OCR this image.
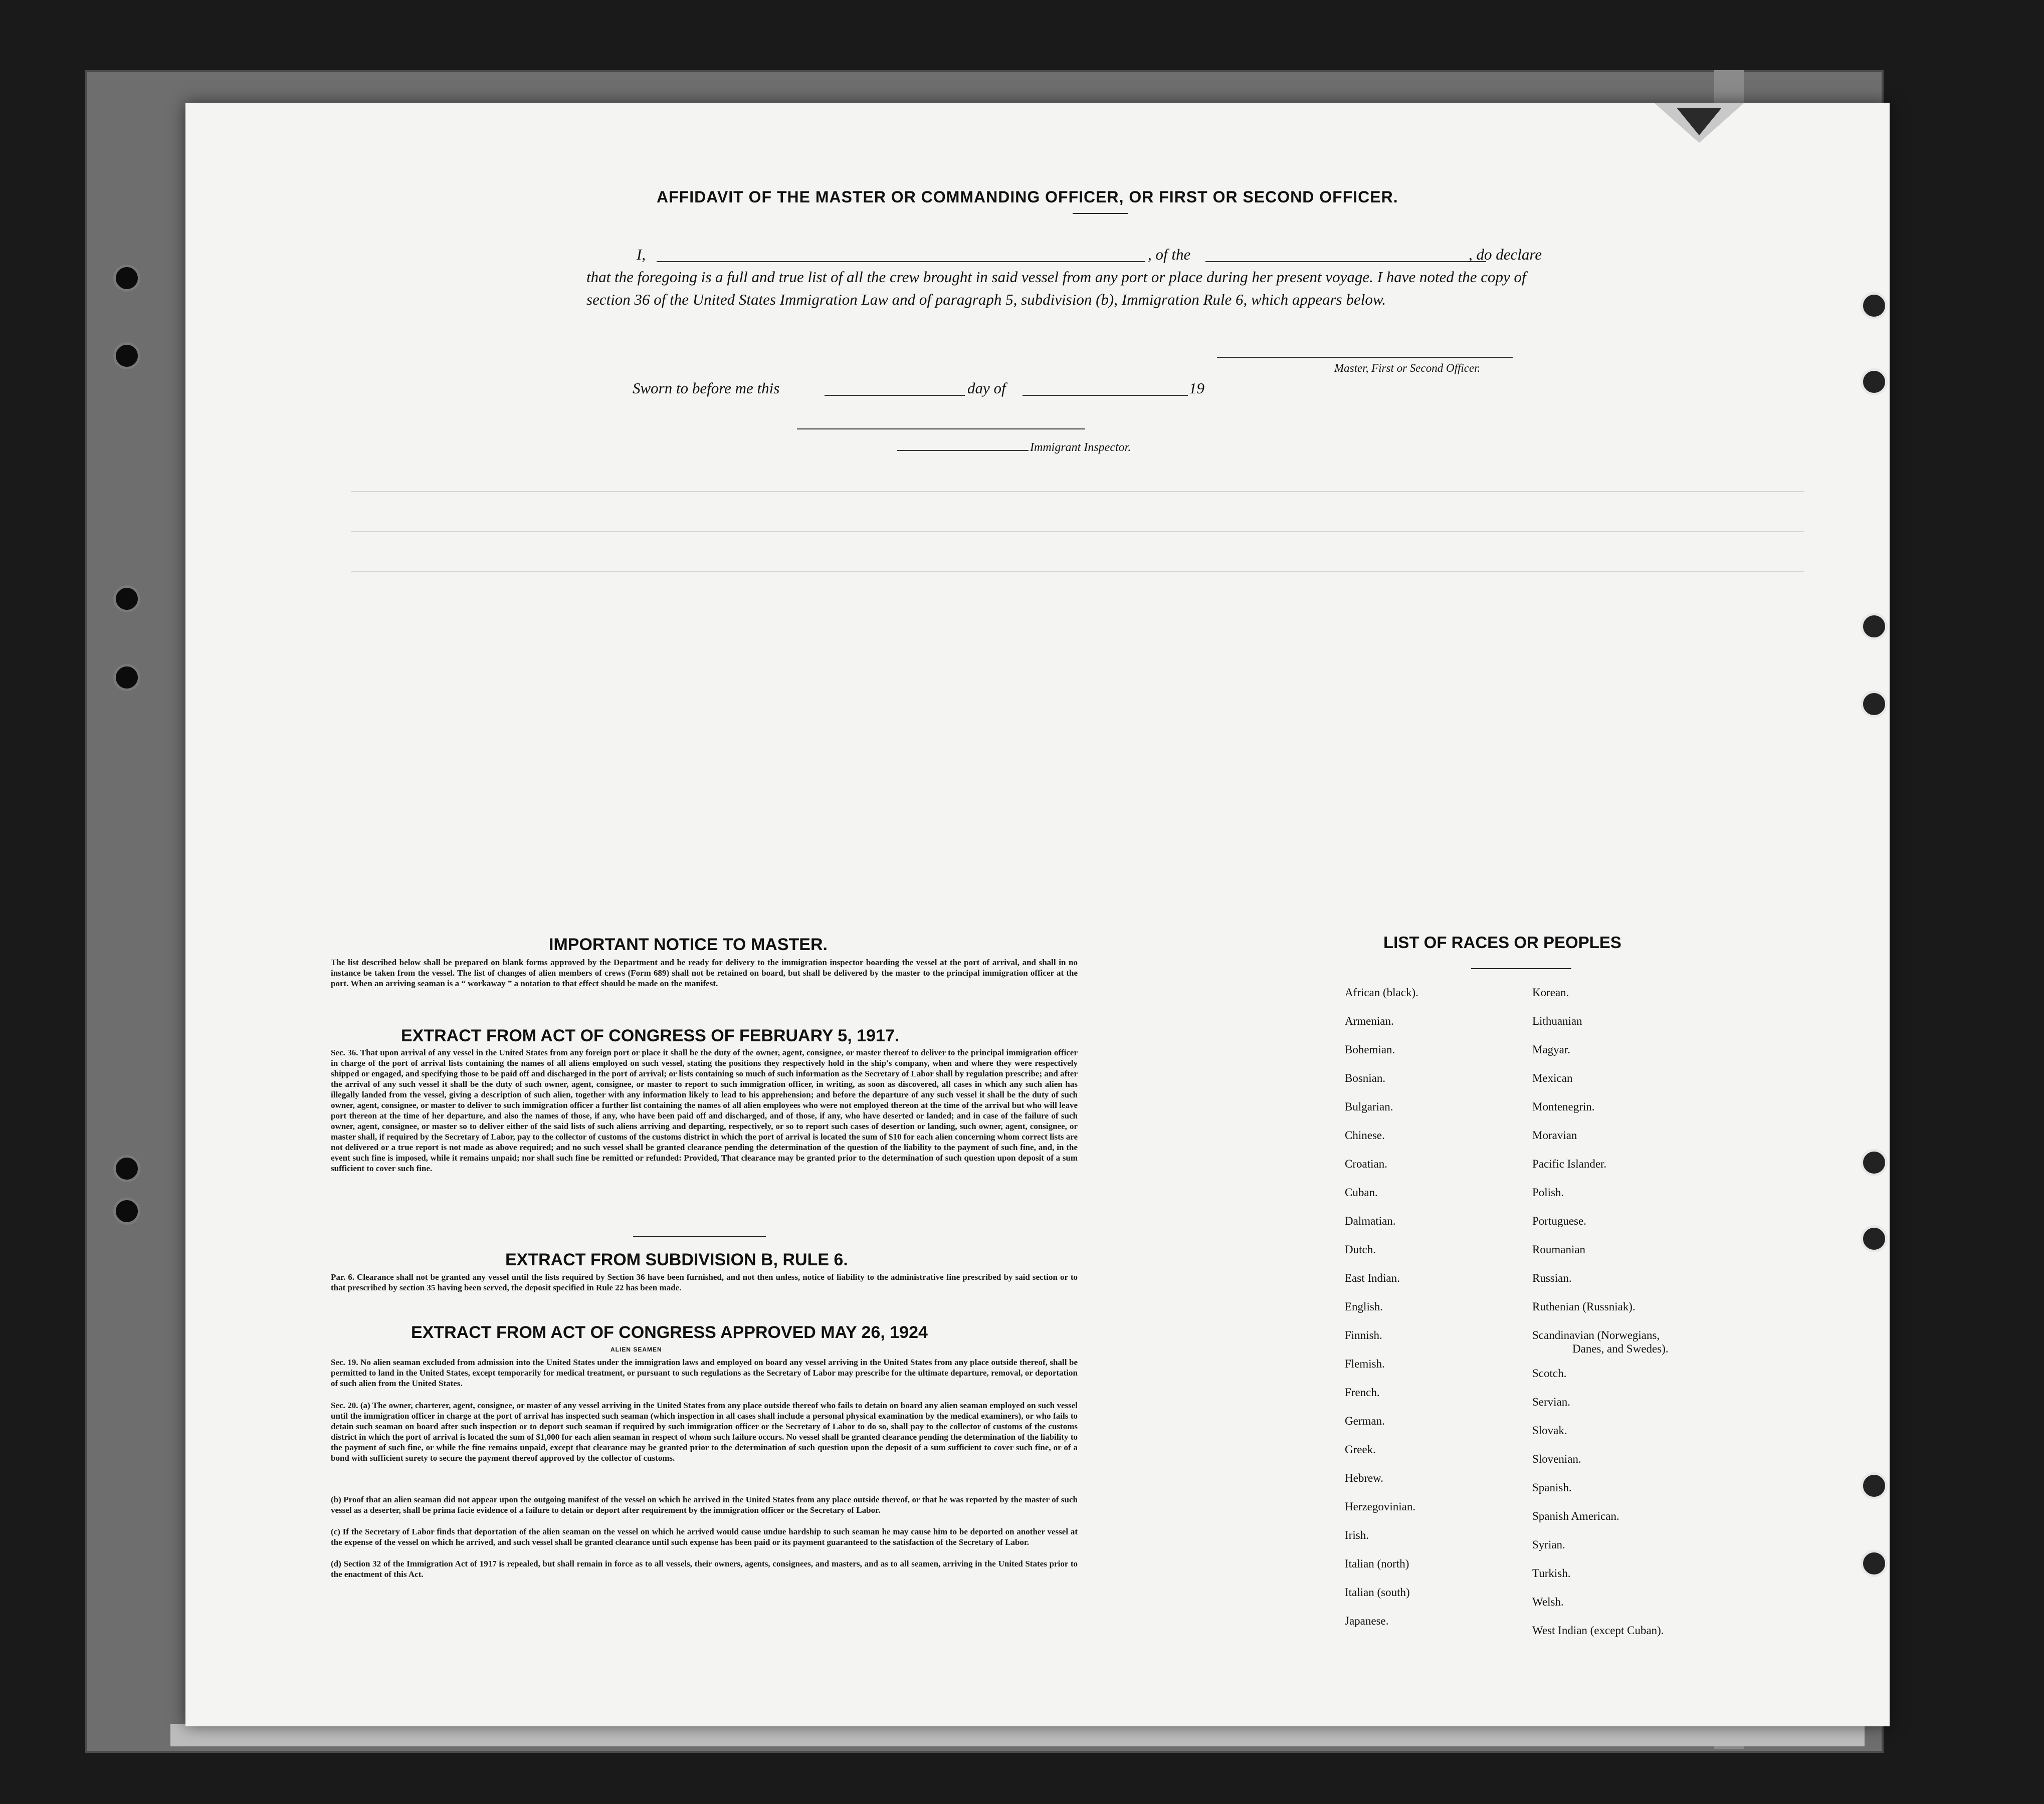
AFFIDAVIT OF THE MASTER OR COMMANDING OFFICER, OR FIRST OR SECOND OFFICER.
I,	, of the	, do declare
that the foregoing is a full and true list of all the crew brought in said vessel from any port or place during her present voyage. I have noted the copy of section 36 of the United States Immigration Law and of paragraph 5, subdivision (b), Immigration Rule 6, which appears below.
Master, First or Second Officer.
Sworn to before me this	day of	19
Immigrant Inspector.
IMPORTANT NOTICE TO MASTER.
The list described below shall be prepared on blank forms approved by the Department and be ready for delivery to the immigration inspector boarding the vessel at the port of arrival, and shall in no instance be taken from the vessel. The list of changes of alien members of crews (Form 689) shall not be retained on board, but shall be delivered by the master to the principal immigration officer at the port. When an arriving seaman is a “ workaway ” a notation to that effect should be made on the manifest.
EXTRACT FROM ACT OF CONGRESS OF FEBRUARY 5, 1917.
Sec. 36. That upon arrival of any vessel in the United States from any foreign port or place it shall be the duty of the owner, agent, consignee, or master thereof to deliver to the principal immigration officer in charge of the port of arrival lists containing the names of all aliens employed on such vessel, stating the positions they respectively hold in the ship's company, when and where they were respectively shipped or engaged, and specifying those to be paid off and discharged in the port of arrival; or lists containing so much of such information as the Secretary of Labor shall by regulation prescribe; and after the arrival of any such vessel it shall be the duty of such owner, agent, consignee, or master to report to such immigration officer, in writing, as soon as discovered, all cases in which any such alien has illegally landed from the vessel, giving a description of such alien, together with any information likely to lead to his apprehension; and before the departure of any such vessel it shall be the duty of such owner, agent, consignee, or master to deliver to such immigration officer a further list containing the names of all alien employees who were not employed thereon at the time of the arrival but who will leave port thereon at the time of her departure, and also the names of those, if any, who have been paid off and discharged, and of those, if any, who have deserted or landed; and in case of the failure of such owner, agent, consignee, or master so to deliver either of the said lists of such aliens arriving and departing, respectively, or so to report such cases of desertion or landing, such owner, agent, consignee, or master shall, if required by the Secretary of Labor, pay to the collector of customs of the customs district in which the port of arrival is located the sum of $10 for each alien concerning whom correct lists are not delivered or a true report is not made as above required; and no such vessel shall be granted clearance pending the determination of the question of the liability to the payment of such fine, and, in the event such fine is imposed, while it remains unpaid; nor shall such fine be remitted or refunded: Provided, That clearance may be granted prior to the determination of such question upon deposit of a sum sufficient to cover such fine.
EXTRACT FROM SUBDIVISION B, RULE 6.
Par. 6. Clearance shall not be granted any vessel until the lists required by Section 36 have been furnished, and not then unless, notice of liability to the administrative fine prescribed by said section or to that prescribed by section 35 having been served, the deposit specified in Rule 22 has been made.
EXTRACT FROM ACT OF CONGRESS APPROVED MAY 26, 1924
ALIEN SEAMEN
Sec. 19. No alien seaman excluded from admission into the United States under the immigration laws and employed on board any vessel arriving in the United States from any place outside thereof, shall be permitted to land in the United States, except temporarily for medical treatment, or pursuant to such regulations as the Secretary of Labor may prescribe for the ultimate departure, removal, or deportation of such alien from the United States.
Sec. 20. (a) The owner, charterer, agent, consignee, or master of any vessel arriving in the United States from any place outside thereof who fails to detain on board any alien seaman employed on such vessel until the immigration officer in charge at the port of arrival has inspected such seaman (which inspection in all cases shall include a personal physical examination by the medical examiners), or who fails to detain such seaman on board after such inspection or to deport such seaman if required by such immigration officer or the Secretary of Labor to do so, shall pay to the collector of customs of the customs district in which the port of arrival is located the sum of $1,000 for each alien seaman in respect of whom such failure occurs. No vessel shall be granted clearance pending the determination of the liability to the payment of such fine, or while the fine remains unpaid, except that clearance may be granted prior to the determination of such question upon the deposit of a sum sufficient to cover such fine, or of a bond with sufficient surety to secure the payment thereof approved by the collector of customs.
(b) Proof that an alien seaman did not appear upon the outgoing manifest of the vessel on which he arrived in the United States from any place outside thereof, or that he was reported by the master of such vessel as a deserter, shall be prima facie evidence of a failure to detain or deport after requirement by the immigration officer or the Secretary of Labor.
(c) If the Secretary of Labor finds that deportation of the alien seaman on the vessel on which he arrived would cause undue hardship to such seaman he may cause him to be deported on another vessel at the expense of the vessel on which he arrived, and such vessel shall be granted clearance until such expense has been paid or its payment guaranteed to the satisfaction of the Secretary of Labor.
(d) Section 32 of the Immigration Act of 1917 is repealed, but shall remain in force as to all vessels, their owners, agents, consignees, and masters, and as to all seamen, arriving in the United States prior to the enactment of this Act.
LIST OF RACES OR PEOPLES
African (black).
Armenian.
Bohemian.
Bosnian.
Bulgarian.
Chinese.
Croatian.
Cuban.
Dalmatian.
Dutch.
East Indian.
English.
Finnish.
Flemish.
French.
German.
Greek.
Hebrew.
Herzegovinian.
Irish.
Italian (north)
Italian (south)
Japanese.
Korean.
Lithuanian
Magyar.
Mexican
Montenegrin.
Moravian
Pacific Islander.
Polish.
Portuguese.
Roumanian
Russian.
Ruthenian (Russniak).
Scandinavian (Norwegians,
Danes, and Swedes).
Scotch.
Servian.
Slovak.
Slovenian.
Spanish.
Spanish American.
Syrian.
Turkish.
Welsh.
West Indian (except Cuban).
